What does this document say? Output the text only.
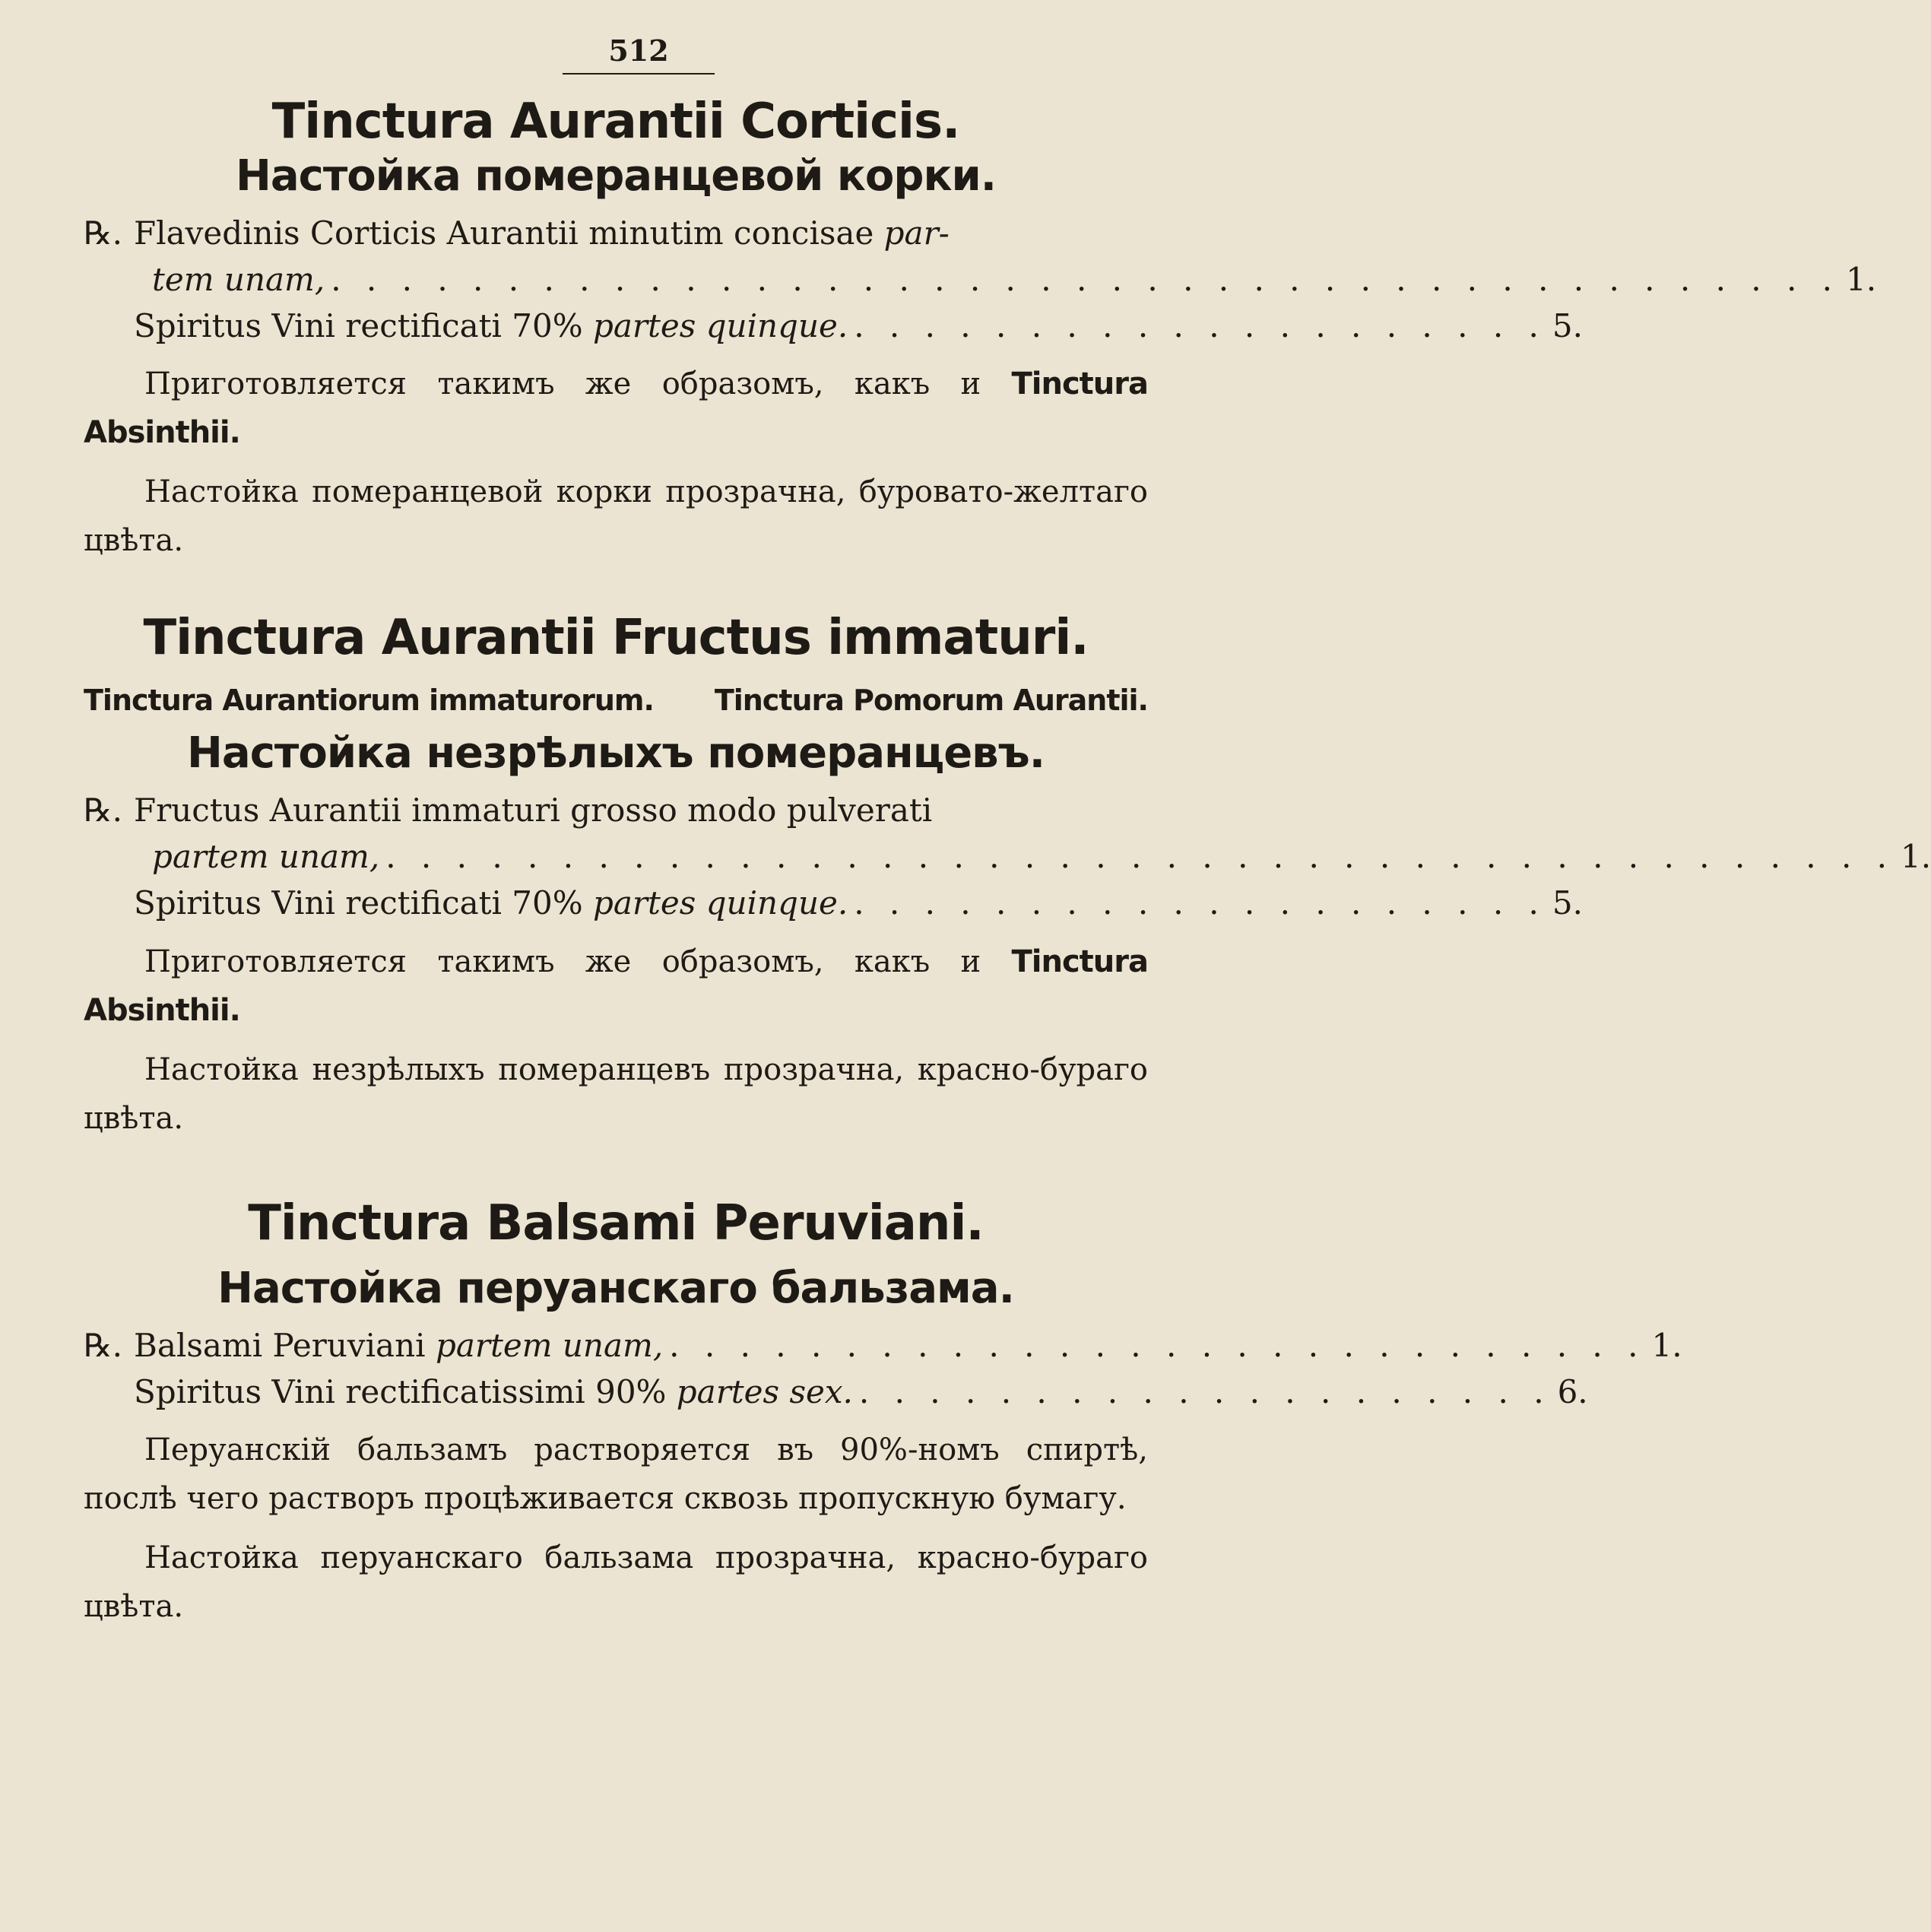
512
Tinctura Aurantii Corticis.
Настойка померанцевой корки.
℞. Flavedinis Corticis Aurantii minutim concisae par-
tem unam, . . . . . . . . . . . . . . . . . . . . . . . . . . . . . . . . . . . . . . . . . . . 1.
Spiritus Vini rectificati 70% partes quinque. . . . . . . . . . . . . . . . . . . . . 5.

Приготовляется такимъ же образомъ, какъ и Tinctura Absinthii.

Настойка померанцевой корки прозрачна, буровато-желтаго цвѣта.

Tinctura Aurantii Fructus immaturi.
Tinctura Aurantiorum immaturorum. Tinctura Pomorum Aurantii.
Настойка незрѣлыхъ померанцевъ.
℞. Fructus Aurantii immaturi grosso modo pulverati
partem unam, . . . . . . . . . . . . . . . . . . . . . . . . . . . . . . . . . . . . . . . . . . . 1.
Spiritus Vini rectificati 70% partes quinque. . . . . . . . . . . . . . . . . . . . . 5.

Приготовляется такимъ же образомъ, какъ и Tinctura Absinthii.

Настойка незрѣлыхъ померанцевъ прозрачна, красно-бураго цвѣта.

Tinctura Balsami Peruviani.
Настойка перуанскаго бальзама.
℞. Balsami Peruviani partem unam, . . . . . . . . . . . . . . . . . . . . . . . . . . . . 1.
Spiritus Vini rectificatissimi 90% partes sex. . . . . . . . . . . . . . . . . . . . . 6.

Перуанскій бальзамъ растворяется въ 90%-номъ спиртѣ, послѣ чего растворъ процѣживается сквозь пропускную бумагу.

Настойка перуанскаго бальзама прозрачна, красно-бураго цвѣта.
